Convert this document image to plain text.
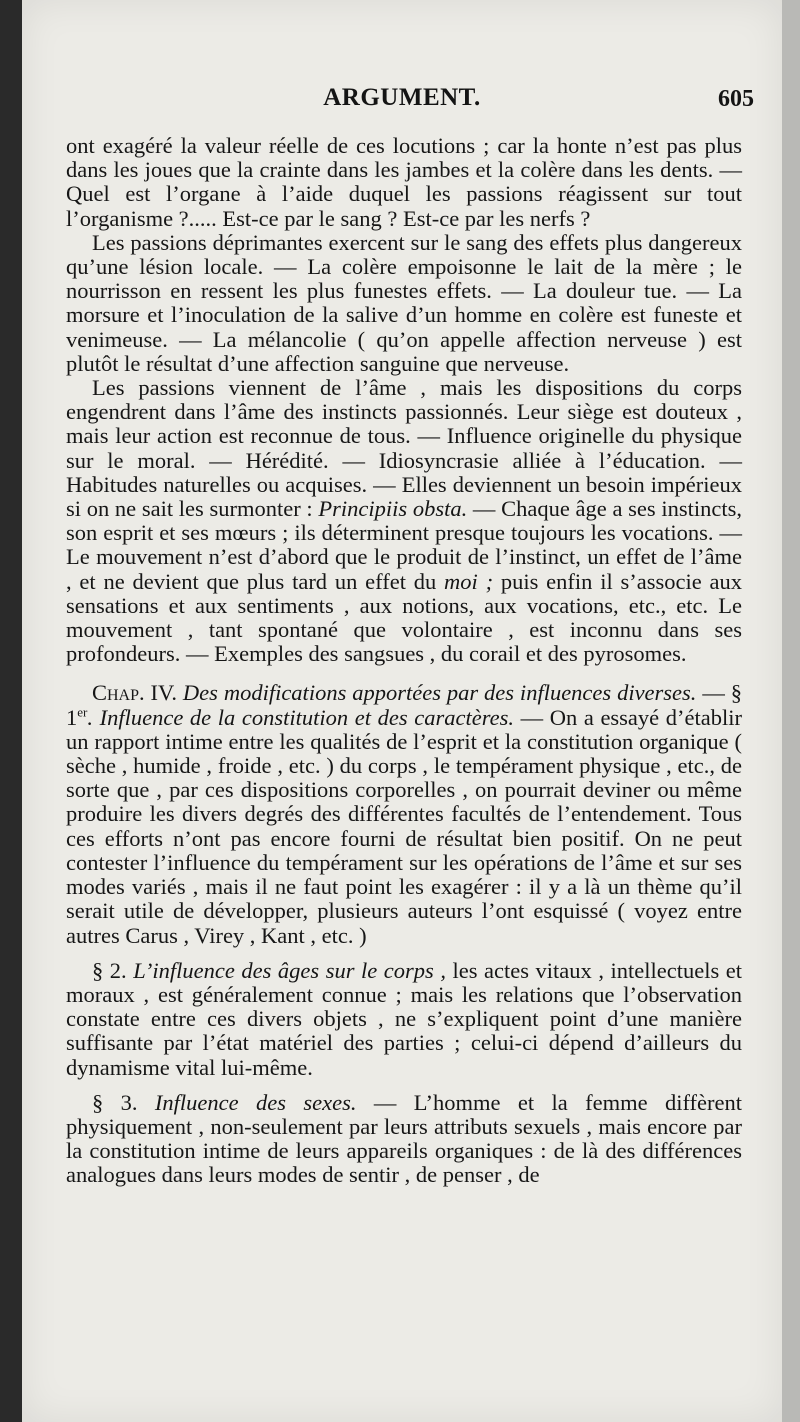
ARGUMENT.	605

ont exagéré la valeur réelle de ces locutions ; car la honte n’est pas plus dans les joues que la crainte dans les jambes et la colère dans les dents. — Quel est l’organe à l’aide duquel les passions réagissent sur tout l’organisme ?..... Est-ce par le sang ? Est-ce par les nerfs ?

Les passions déprimantes exercent sur le sang des effets plus dangereux qu’une lésion locale. — La colère empoisonne le lait de la mère ; le nourrisson en ressent les plus funestes effets. — La douleur tue. — La morsure et l’inoculation de la salive d’un homme en colère est funeste et venimeuse. — La mélancolie ( qu’on appelle affection nerveuse ) est plutôt le résultat d’une affection sanguine que nerveuse.

Les passions viennent de l’âme , mais les dispositions du corps engendrent dans l’âme des instincts passionnés. Leur siège est douteux , mais leur action est reconnue de tous. — Influence originelle du physique sur le moral. — Hérédité. — Idiosyncrasie alliée à l’éducation. — Habitudes naturelles ou acquises. — Elles deviennent un besoin impérieux si on ne sait les surmonter : Principiis obsta. — Chaque âge a ses instincts, son esprit et ses mœurs ; ils déterminent presque toujours les vocations. — Le mouvement n’est d’abord que le produit de l’instinct, un effet de l’âme , et ne devient que plus tard un effet du moi ; puis enfin il s’associe aux sensations et aux sentiments , aux notions, aux vocations, etc., etc. Le mouvement , tant spontané que volontaire , est inconnu dans ses profondeurs. — Exemples des sangsues , du corail et des pyrosomes.

Chap. IV. Des modifications apportées par des influences diverses. — § 1er. Influence de la constitution et des caractères. — On a essayé d’établir un rapport intime entre les qualités de l’esprit et la constitution organique ( sèche , humide , froide , etc. ) du corps , le tempérament physique , etc., de sorte que , par ces dispositions corporelles , on pourrait deviner ou même produire les divers degrés des différentes facultés de l’entendement. Tous ces efforts n’ont pas encore fourni de résultat bien positif. On ne peut contester l’influence du tempérament sur les opérations de l’âme et sur ses modes variés , mais il ne faut point les exagérer : il y a là un thème qu’il serait utile de développer, plusieurs auteurs l’ont esquissé ( voyez entre autres Carus , Virey , Kant , etc. )

§ 2. L’influence des âges sur le corps , les actes vitaux , intellectuels et moraux , est généralement connue ; mais les relations que l’observation constate entre ces divers objets , ne s’expliquent point d’une manière suffisante par l’état matériel des parties ; celui-ci dépend d’ailleurs du dynamisme vital lui-même.

§ 3. Influence des sexes. — L’homme et la femme diffèrent physiquement , non-seulement par leurs attributs sexuels , mais encore par la constitution intime de leurs appareils organiques : de là des différences analogues dans leurs modes de sentir , de penser , de
